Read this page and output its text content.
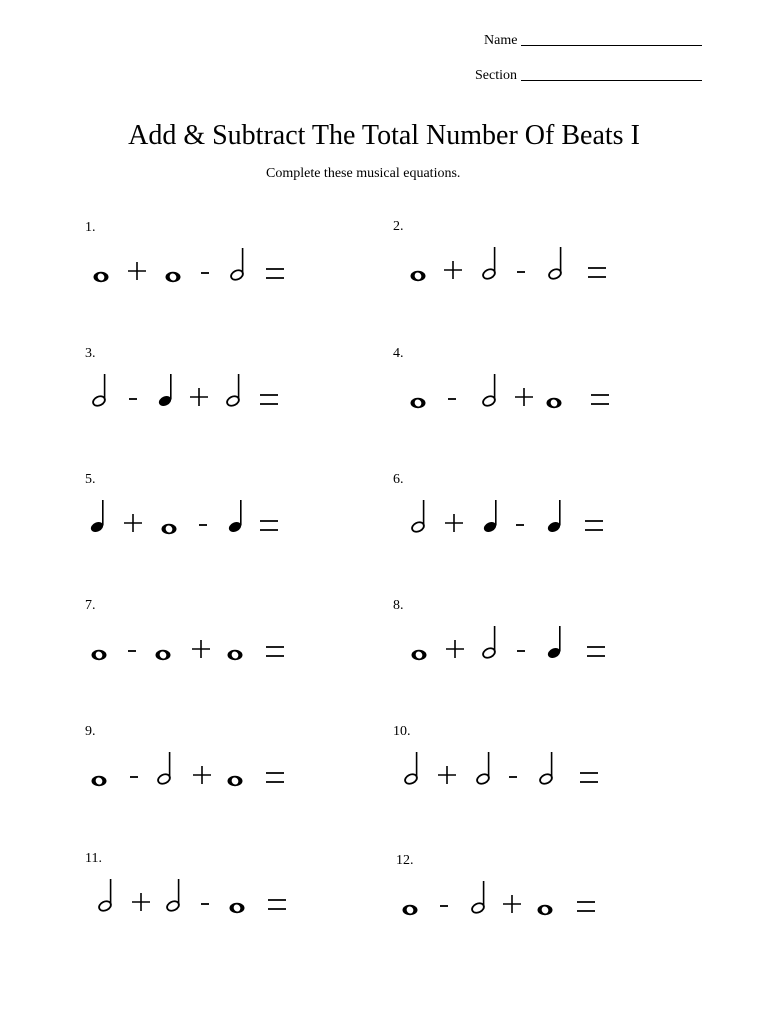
Name
Section
Add & Subtract The Total Number Of Beats I
Complete these musical equations.
1.	2.
3.	4.
5.	6.
7.	8.
9.	10.
11.	12.
